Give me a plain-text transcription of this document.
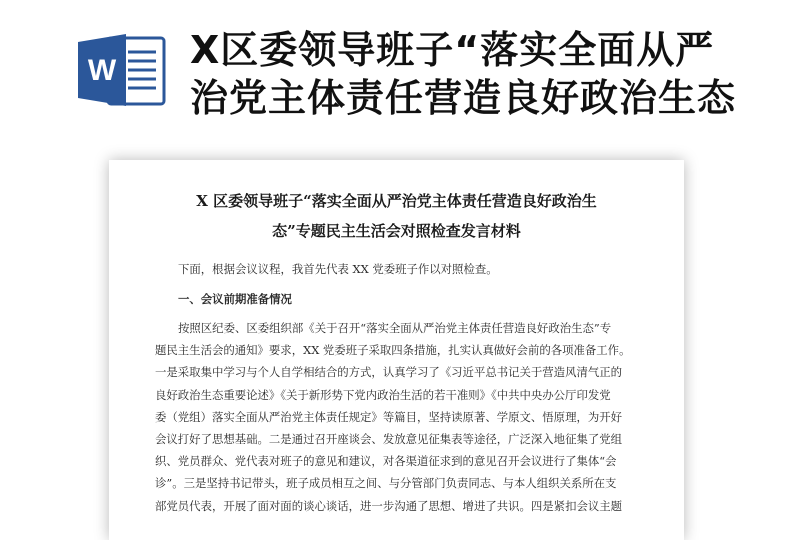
W X区委领导班子“落实全面从严
治党主体责任营造良好政治生态
X 区委领导班子“落实全面从严治党主体责任营造良好政治生
态”专题民主生活会对照检查发言材料
下面，根据会议议程，我首先代表 XX 党委班子作以对照检查。
一、会议前期准备情况
按照区纪委、区委组织部《关于召开“落实全面从严治党主体责任营造良好政治生态”专
题民主生活会的通知》要求，XX 党委班子采取四条措施，扎实认真做好会前的各项准备工作。
一是采取集中学习与个人自学相结合的方式，认真学习了《习近平总书记关于营造风清气正的
良好政治生态重要论述》《关于新形势下党内政治生活的若干准则》《中共中央办公厅印发党
委（党组）落实全面从严治党主体责任规定》等篇目，坚持读原著、学原文、悟原理，为开好
会议打好了思想基础。二是通过召开座谈会、发放意见征集表等途径，广泛深入地征集了党组
织、党员群众、党代表对班子的意见和建议，对各渠道征求到的意见召开会议进行了集体“会
诊”。三是坚持书记带头，班子成员相互之间、与分管部门负责同志、与本人组织关系所在支
部党员代表，开展了面对面的谈心谈话，进一步沟通了思想、增进了共识。四是紧扣会议主题
